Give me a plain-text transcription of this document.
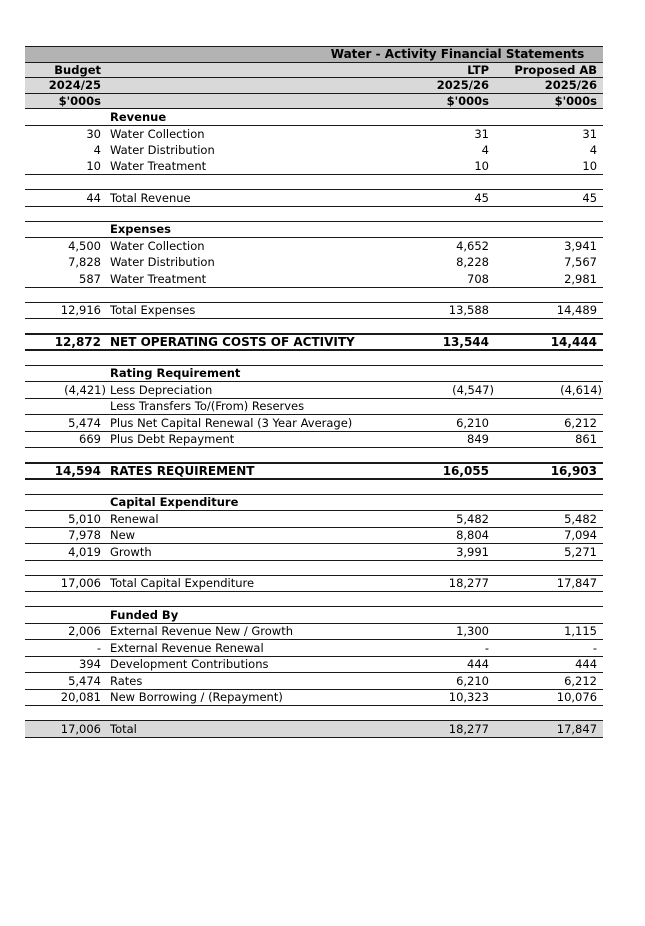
		Water - Activity Financial Statements	
Budget		LTP	Proposed AB
2024/25		2025/26	2025/26
$'000s		$'000s	$'000s
	Revenue		
30	Water Collection	31	31
4	Water Distribution	4	4
10	Water Treatment	10	10

44	Total Revenue	45	45

	Expenses		
4,500	Water Collection	4,652	3,941
7,828	Water Distribution	8,228	7,567
587	Water Treatment	708	2,981

12,916	Total Expenses	13,588	14,489

12,872	NET OPERATING COSTS OF ACTIVITY	13,544	14,444

	Rating Requirement		
(4,421)	Less Depreciation	(4,547)	(4,614)
	Less Transfers To/(From) Reserves		
5,474	Plus Net Capital Renewal (3 Year Average)	6,210	6,212
669	Plus Debt Repayment	849	861

14,594	RATES REQUIREMENT	16,055	16,903

	Capital Expenditure		
5,010	Renewal	5,482	5,482
7,978	New	8,804	7,094
4,019	Growth	3,991	5,271

17,006	Total Capital Expenditure	18,277	17,847

	Funded By		
2,006	External Revenue New / Growth	1,300	1,115
-	External Revenue Renewal	-	-
394	Development Contributions	444	444
5,474	Rates	6,210	6,212
20,081	New Borrowing / (Repayment)	10,323	10,076

17,006	Total	18,277	17,847
